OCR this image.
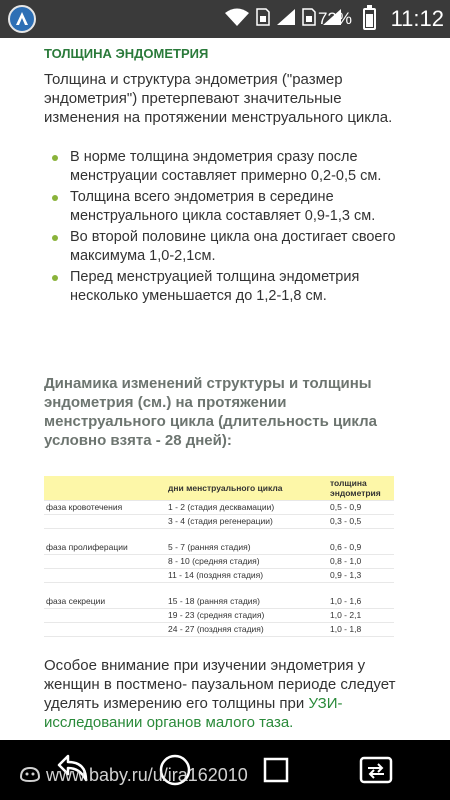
72% 11:12
ТОЛЩИНА ЭНДОМЕТРИЯ
Толщина и структура эндометрия ("размер эндометрия") претерпевают значительные изменения на протяжении менструального цикла.
В норме толщина эндометрия сразу после менструации составляет примерно 0,2-0,5 см.
Толщина всего эндометрия в середине менструального цикла составляет 0,9-1,3 см.
Во второй половине цикла она достигает своего максимума 1,0-2,1см.
Перед менструацией толщина эндометрия несколько уменьшается до 1,2-1,8 см.
Динамика изменений структуры и толщины эндометрия (см.) на протяжении менструального цикла (длительность цикла условно взята - 28 дней):
	дни менструального цикла	толщина эндометрия
фаза кровотечения	1 - 2 (стадия десквамации)	0,5 - 0,9
	3 - 4 (стадия регенерации)	0,3 - 0,5

фаза пролиферации	5 - 7 (ранняя стадия)	0,6 - 0,9
	8 - 10 (средняя стадия)	0,8 - 1,0
	11 - 14 (поздняя стадия)	0,9 - 1,3

фаза секреции	15 - 18 (ранняя стадия)	1,0 - 1,6
	19 - 23 (средняя стадия)	1,0 - 2,1
	24 - 27 (поздняя стадия)	1,0 - 1,8
Особое внимание при изучении эндометрия у женщин в постмено- паузальном периоде следует уделять измерению его толщины при УЗИ-исследовании органов малого таза.
www.baby.ru/u/ira162010
